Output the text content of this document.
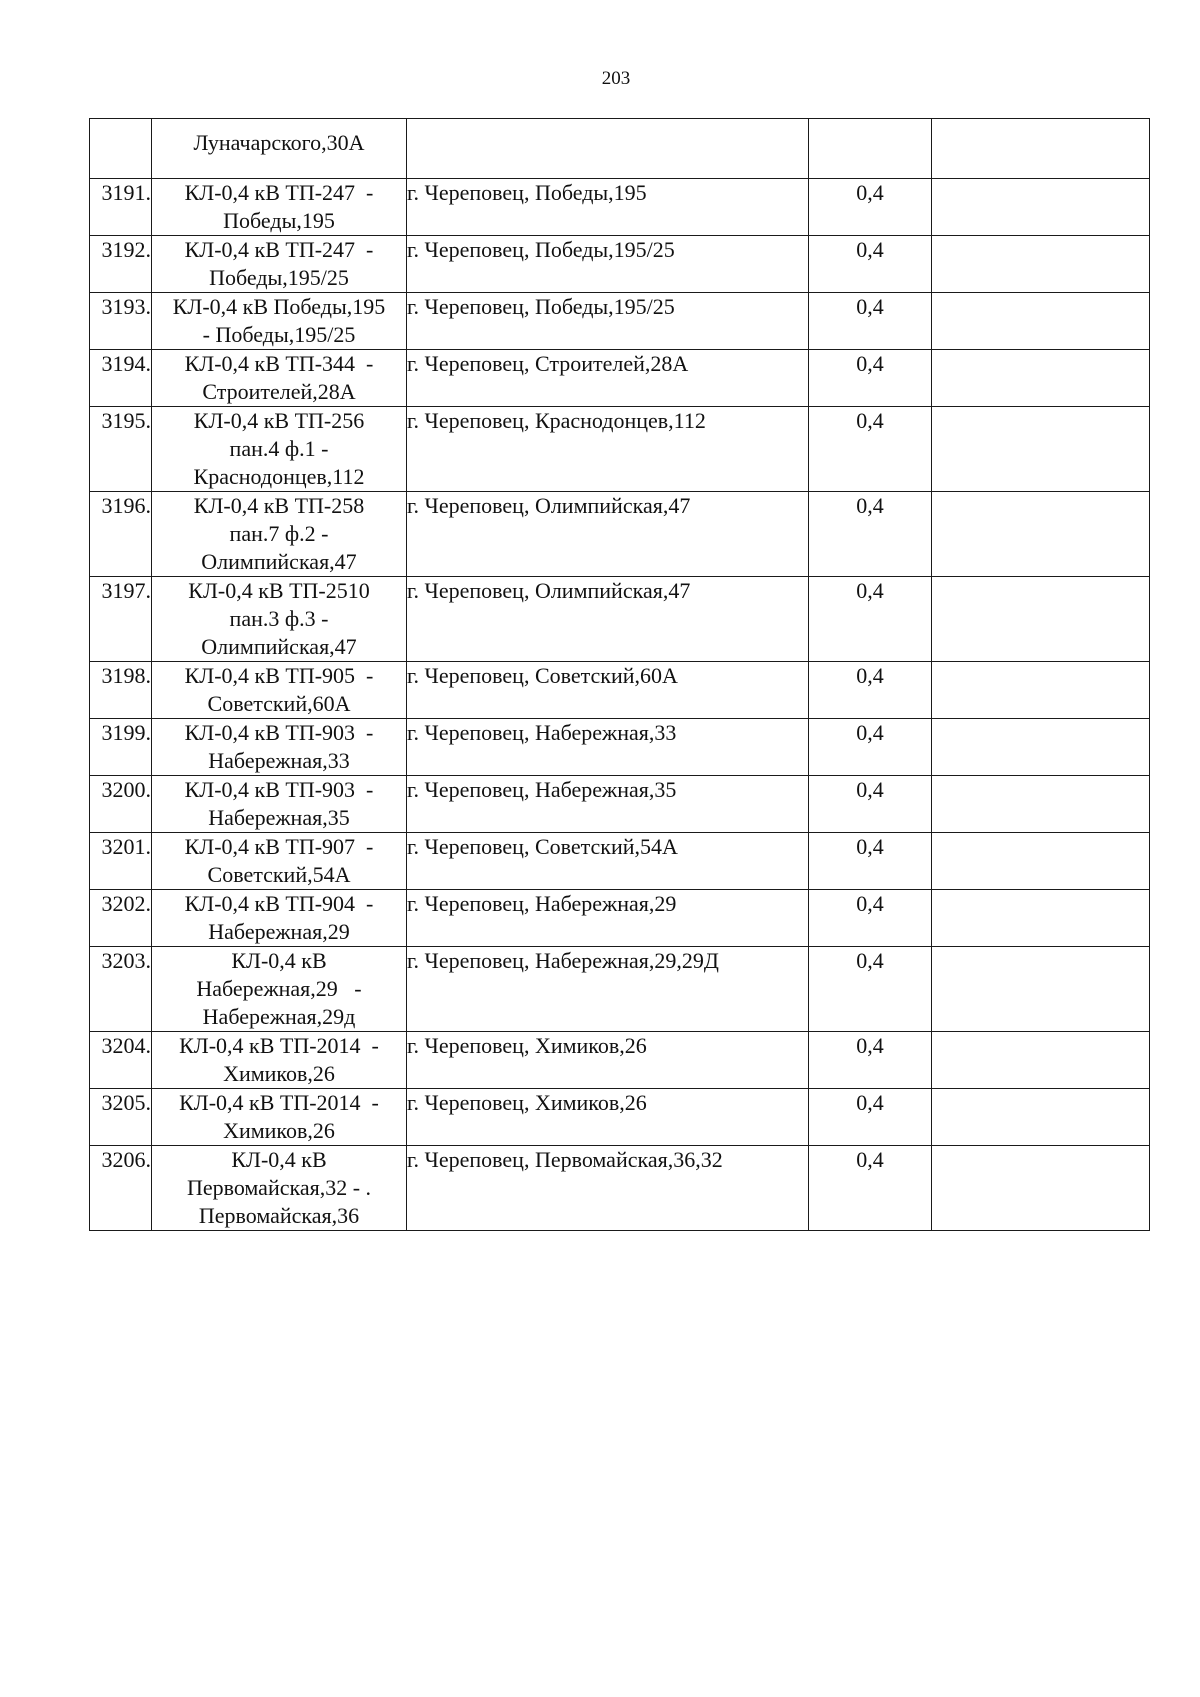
203

	Луначарского,30А			

3191.	КЛ-0,4 кВ ТП-247  -
Победы,195	г. Череповец, Победы,195	0,4	
3192.	КЛ-0,4 кВ ТП-247  -
Победы,195/25	г. Череповец, Победы,195/25	0,4	
3193.	КЛ-0,4 кВ Победы,195
- Победы,195/25	г. Череповец, Победы,195/25	0,4	
3194.	КЛ-0,4 кВ ТП-344  -
Строителей,28А	г. Череповец, Строителей,28А	0,4	
3195.	КЛ-0,4 кВ ТП-256
пан.4 ф.1 -
Краснодонцев,112	г. Череповец, Краснодонцев,112	0,4	
3196.	КЛ-0,4 кВ ТП-258
пан.7 ф.2 -
Олимпийская,47	г. Череповец, Олимпийская,47	0,4	
3197.	КЛ-0,4 кВ ТП-2510
пан.3 ф.3 -
Олимпийская,47	г. Череповец, Олимпийская,47	0,4	
3198.	КЛ-0,4 кВ ТП-905  -
Советский,60А	г. Череповец, Советский,60А	0,4	
3199.	КЛ-0,4 кВ ТП-903  -
Набережная,33	г. Череповец, Набережная,33	0,4	
3200.	КЛ-0,4 кВ ТП-903  -
Набережная,35	г. Череповец, Набережная,35	0,4	
3201.	КЛ-0,4 кВ ТП-907  -
Советский,54А	г. Череповец, Советский,54А	0,4	
3202.	КЛ-0,4 кВ ТП-904  -
Набережная,29	г. Череповец, Набережная,29	0,4	
3203.	КЛ-0,4 кВ
Набережная,29   -
Набережная,29д	г. Череповец, Набережная,29,29Д	0,4	
3204.	КЛ-0,4 кВ ТП-2014  -
Химиков,26	г. Череповец, Химиков,26	0,4	
3205.	КЛ-0,4 кВ ТП-2014  -
Химиков,26	г. Череповец, Химиков,26	0,4	
3206.	КЛ-0,4 кВ
Первомайская,32 - .
Первомайская,36	г. Череповец, Первомайская,36,32	0,4	
